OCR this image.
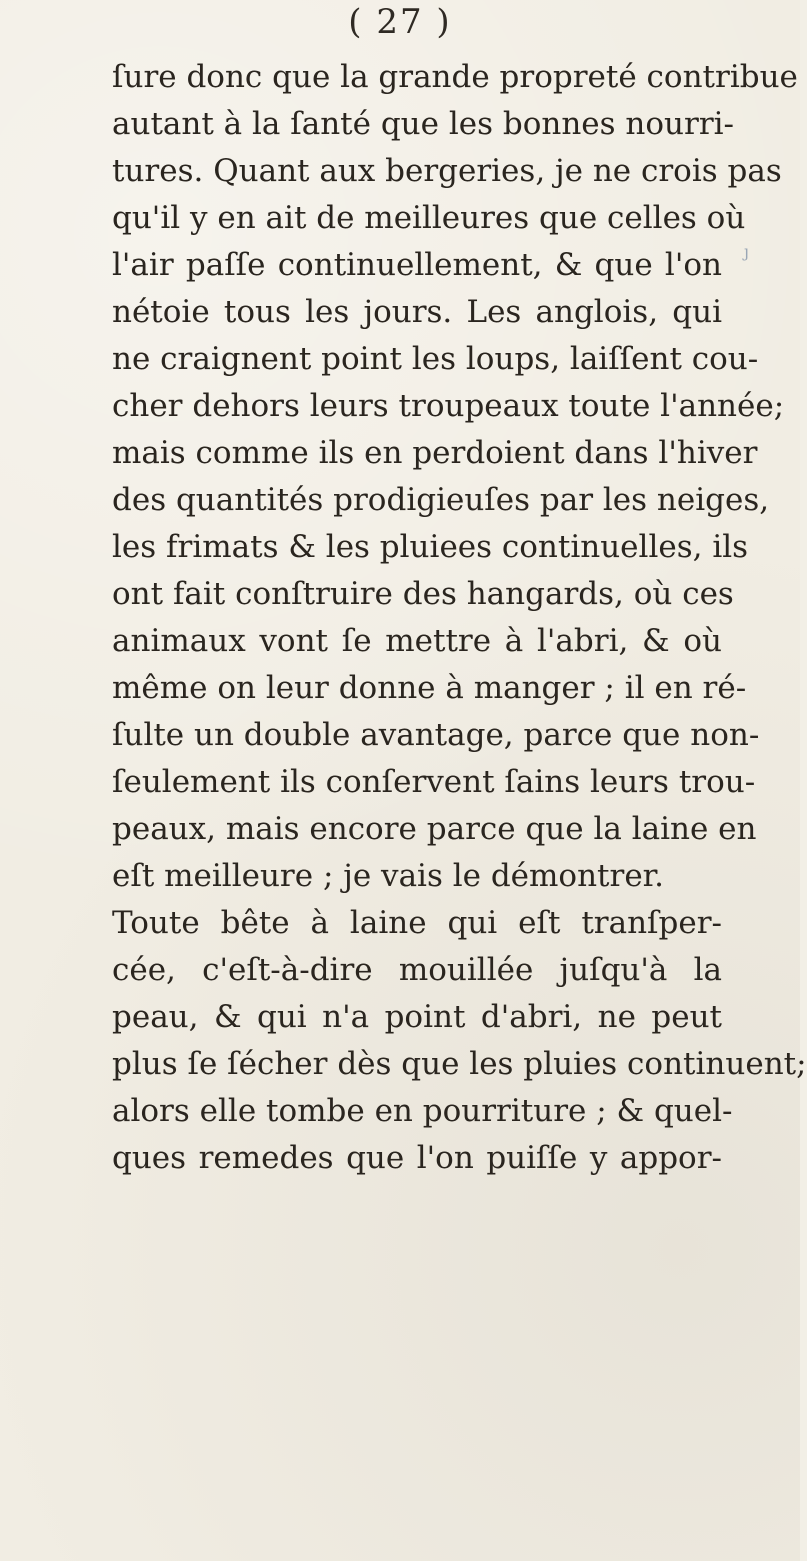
( 27 )
ſure donc que la grande propreté contribue
autant à la ſanté que les bonnes nourri-
tures. Quant aux bergeries, je ne crois pas
qu'il y en ait de meilleures que celles où
l'air paſſe continuellement, & que l'on
nétoie tous les jours. Les anglois, qui
ne craignent point les loups, laiſſent cou-
cher dehors leurs troupeaux toute l'année;
mais comme ils en perdoient dans l'hiver
des quantités prodigieuſes par les neiges,
les frimats & les pluiees continuelles, ils
ont fait conſtruire des hangards, où ces
animaux vont ſe mettre à l'abri, & où
même on leur donne à manger ; il en ré-
ſulte un double avantage, parce que non-
ſeulement ils conſervent ſains leurs trou-
peaux, mais encore parce que la laine en
eſt meilleure ; je vais le démontrer.
Toute bête à laine qui eſt tranſper-
cée, c'eſt-à-dire mouillée juſqu'à la
peau, & qui n'a point d'abri, ne peut
plus ſe ſécher dès que les pluies continuent;
alors elle tombe en pourriture ; & quel-
ques remedes que l'on puiſſe y appor-
ȷ
